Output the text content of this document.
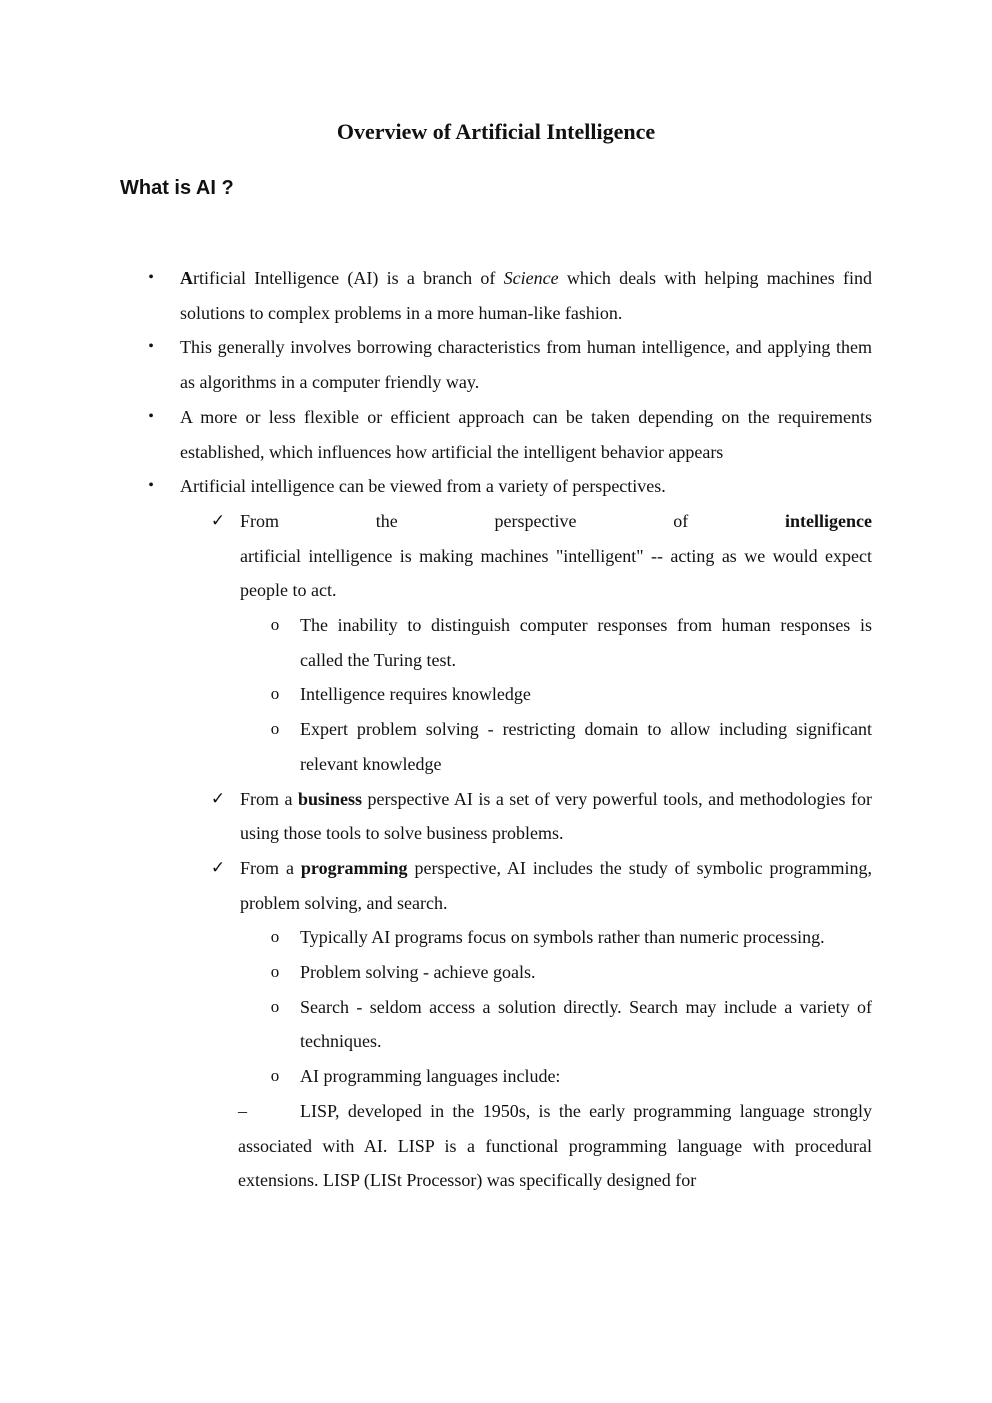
Overview of Artificial Intelligence
What is AI ?
• Artificial Intelligence (AI) is a branch of Science which deals with helping machines find solutions to complex problems in a more human-like fashion.
• This generally involves borrowing characteristics from human intelligence, and applying them as algorithms in a computer friendly way.
• A more or less flexible or efficient approach can be taken depending on the requirements established, which influences how artificial the intelligent behavior appears
• Artificial intelligence can be viewed from a variety of perspectives.
✓ From	the	perspective	of	intelligence
artificial intelligence is making machines "intelligent" -- acting as we would expect people to act.
o The inability to distinguish computer responses from human responses is called the Turing test.
o Intelligence requires knowledge
o Expert problem solving - restricting domain to allow including significant relevant knowledge
✓ From a business perspective AI is a set of very powerful tools, and methodologies for using those tools to solve business problems.
✓ From a programming perspective, AI includes the study of symbolic programming, problem solving, and search.
o Typically AI programs focus on symbols rather than numeric processing.
o Problem solving - achieve goals.
o Search - seldom access a solution directly. Search may include a variety of techniques.
o AI programming languages include:
–	LISP, developed in the 1950s, is the early programming language strongly associated with AI. LISP is a functional programming language with procedural extensions. LISP (LISt Processor) was specifically designed for
